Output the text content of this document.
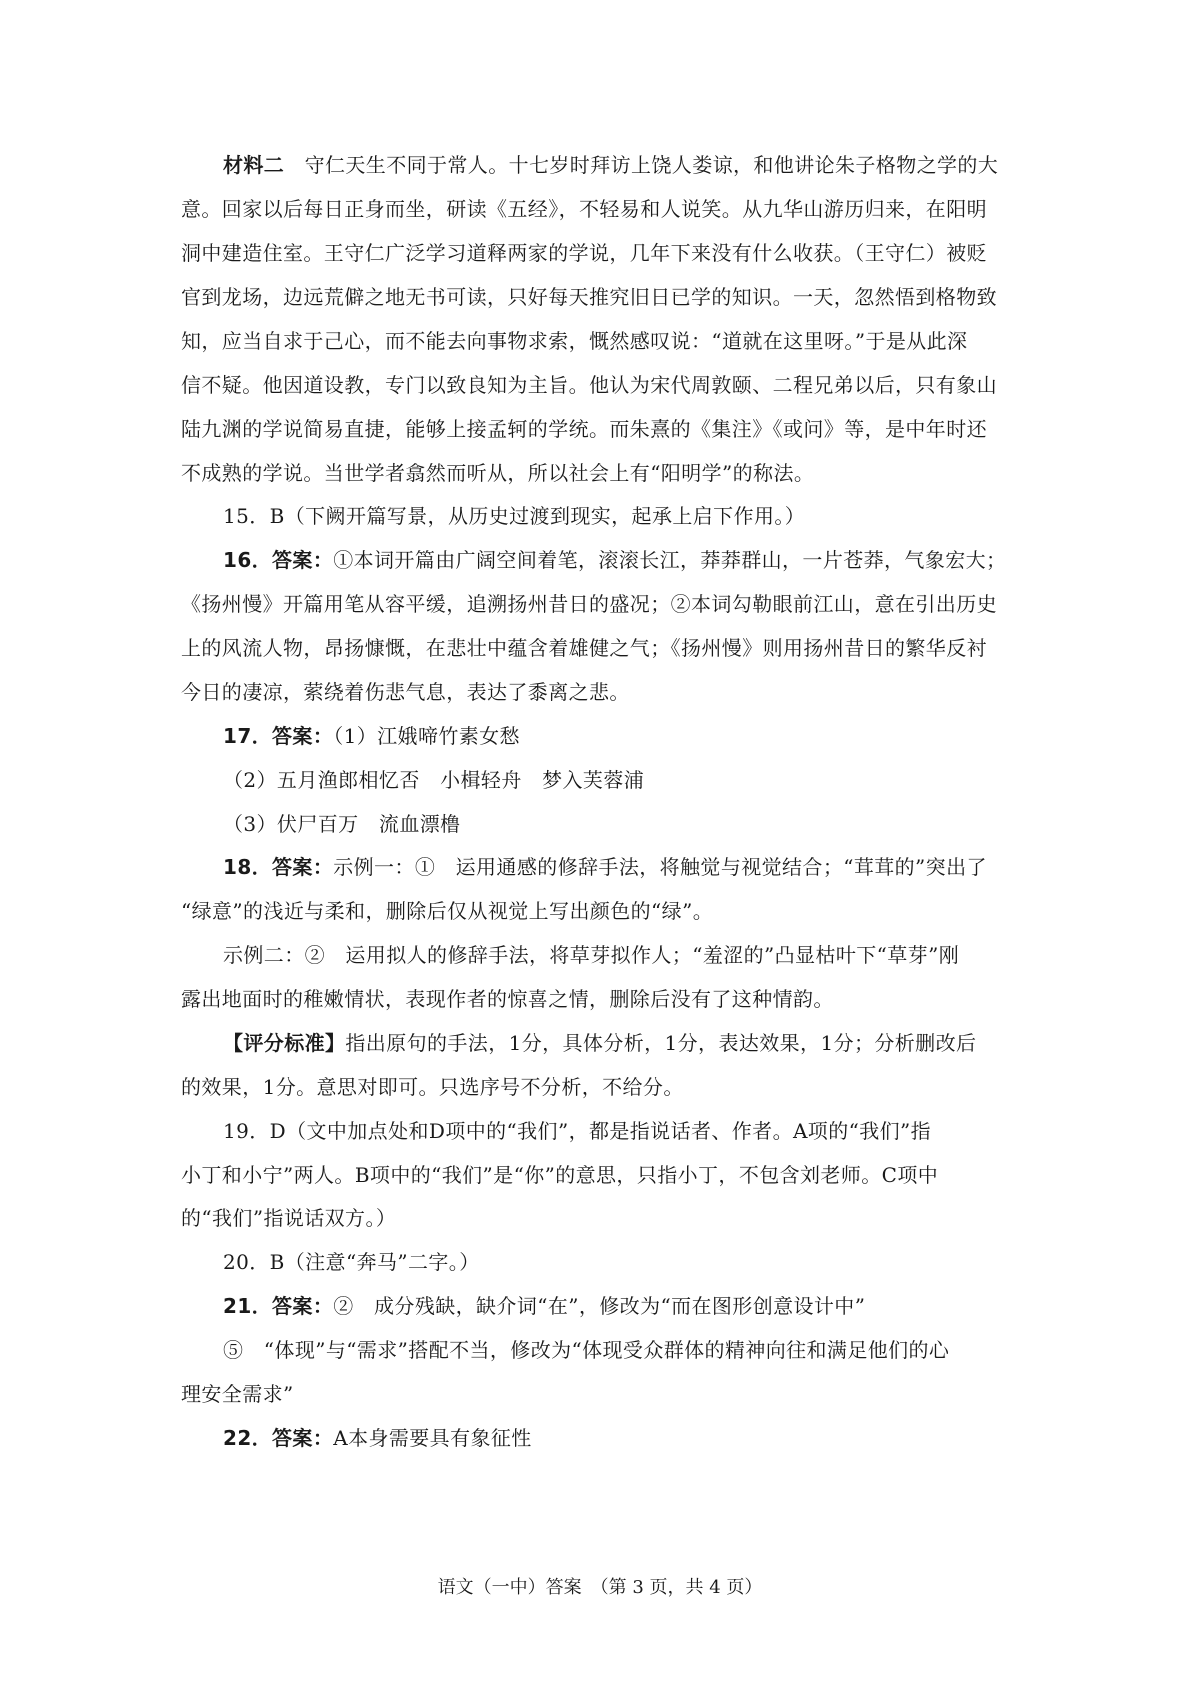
材料二　守仁天生不同于常人。十七岁时拜访上饶人娄谅，和他讲论朱子格物之学的大
意。回家以后每日正身而坐，研读《五经》，不轻易和人说笑。从九华山游历归来，在阳明
洞中建造住室。王守仁广泛学习道释两家的学说，几年下来没有什么收获。（王守仁）被贬
官到龙场，边远荒僻之地无书可读，只好每天推究旧日已学的知识。一天，忽然悟到格物致
知，应当自求于己心，而不能去向事物求索，慨然感叹说：“道就在这里呀。”于是从此深
信不疑。他因道设教，专门以致良知为主旨。他认为宋代周敦颐、二程兄弟以后，只有象山
陆九渊的学说简易直捷，能够上接孟轲的学统。而朱熹的《集注》《或问》等，是中年时还
不成熟的学说。当世学者翕然而听从，所以社会上有“阳明学”的称法。
15．B（下阙开篇写景，从历史过渡到现实，起承上启下作用。）
16．答案：①本词开篇由广阔空间着笔，滚滚长江，莽莽群山，一片苍莽，气象宏大；
《扬州慢》开篇用笔从容平缓，追溯扬州昔日的盛况；②本词勾勒眼前江山，意在引出历史
上的风流人物，昂扬慷慨，在悲壮中蕴含着雄健之气；《扬州慢》则用扬州昔日的繁华反衬
今日的凄凉，萦绕着伤悲气息，表达了黍离之悲。
17．答案：（1）江娥啼竹素女愁
（2）五月渔郎相忆否　小楫轻舟　梦入芙蓉浦
（3）伏尸百万　流血漂橹
18．答案：示例一：①　运用通感的修辞手法，将触觉与视觉结合；“茸茸的”突出了
“绿意”的浅近与柔和，删除后仅从视觉上写出颜色的“绿”。
示例二：②　运用拟人的修辞手法，将草芽拟作人；“羞涩的”凸显枯叶下“草芽”刚
露出地面时的稚嫩情状，表现作者的惊喜之情，删除后没有了这种情韵。
【评分标准】指出原句的手法，1分，具体分析，1分，表达效果，1分；分析删改后
的效果，1分。意思对即可。只选序号不分析，不给分。
19．D（文中加点处和D项中的“我们”，都是指说话者、作者。A项的“我们”指
小丁和小宁”两人。B项中的“我们”是“你”的意思，只指小丁，不包含刘老师。C项中
的“我们”指说话双方。）
20．B（注意“奔马”二字。）
21．答案：②　成分残缺，缺介词“在”，修改为“而在图形创意设计中”
⑤　“体现”与“需求”搭配不当，修改为“体现受众群体的精神向往和满足他们的心
理安全需求”
22．答案：A本身需要具有象征性
语文（一中）答案　（第 3 页，共 4 页）
